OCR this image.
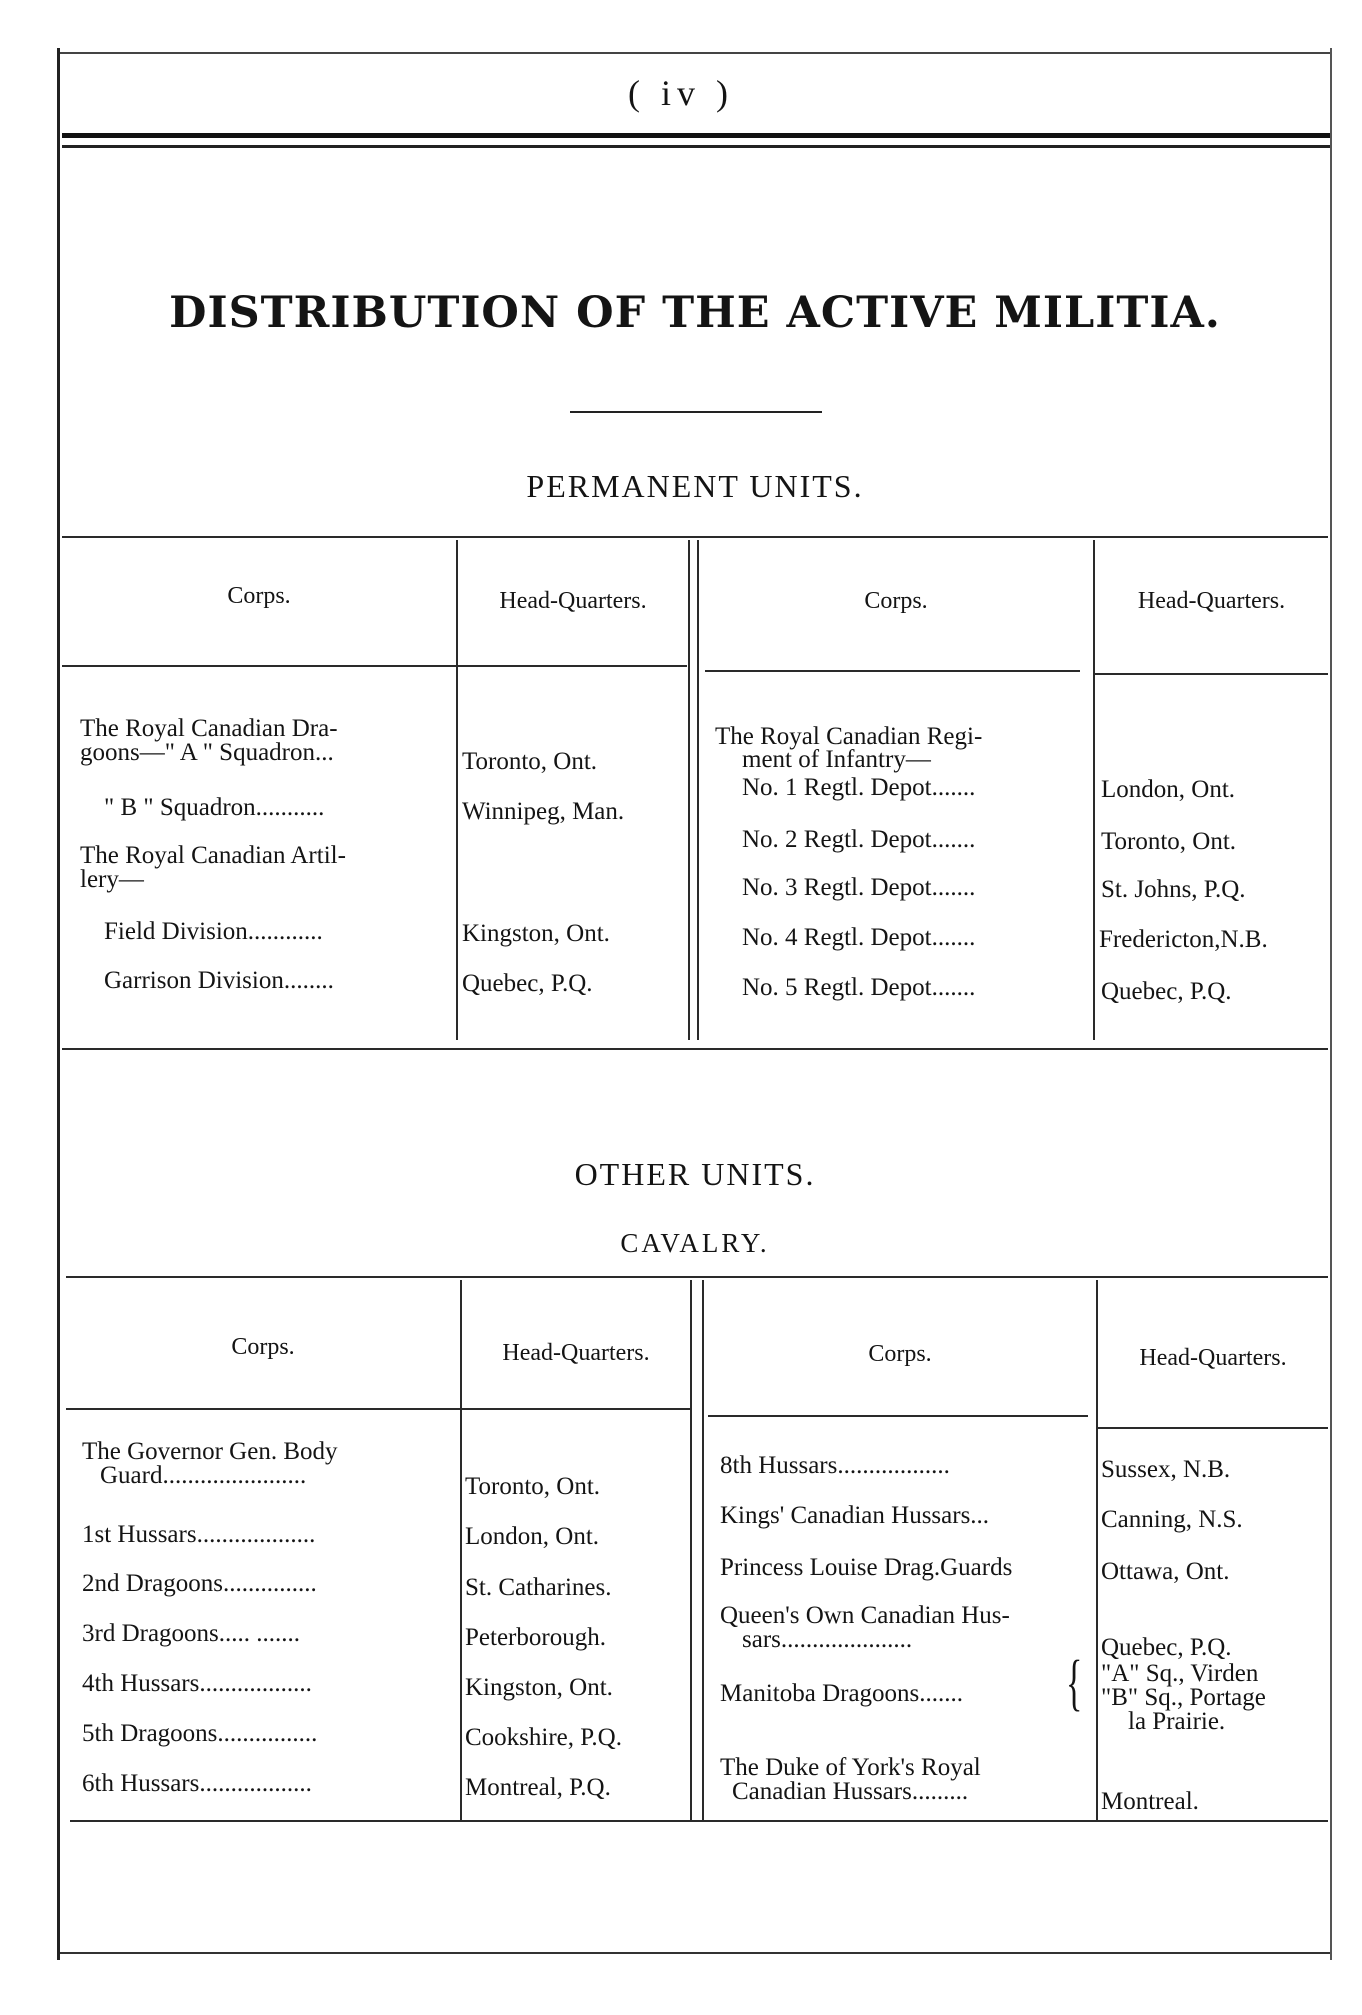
( iv )
DISTRIBUTION OF THE ACTIVE MILITIA.
PERMANENT UNITS.
Corps.	Head-Quarters.	Corps.	Head-Quarters.
The Royal Canadian Dra-
goons—" A " Squadron...	Toronto, Ont.
" B " Squadron...........	Winnipeg, Man.
The Royal Canadian Artil-
lery—
Field Division............	Kingston, Ont.
Garrison Division........	Quebec, P.Q.
The Royal Canadian Regi-
ment of Infantry—
No. 1 Regtl. Depot.......	London, Ont.
No. 2 Regtl. Depot.......	Toronto, Ont.
No. 3 Regtl. Depot.......	St. Johns, P.Q.
No. 4 Regtl. Depot.......	Fredericton,N.B.
No. 5 Regtl. Depot.......	Quebec, P.Q.
OTHER UNITS.
CAVALRY.
Corps.	Head-Quarters.	Corps.	Head-Quarters.
The Governor Gen. Body
Guard.......................	Toronto, Ont.
1st Hussars...................	London, Ont.
2nd Dragoons...............	St. Catharines.
3rd Dragoons..... .......	Peterborough.
4th Hussars..................	Kingston, Ont.
5th Dragoons................	Cookshire, P.Q.
6th Hussars..................	Montreal, P.Q.
8th Hussars..................	Sussex, N.B.
Kings' Canadian Hussars...	Canning, N.S.
Princess Louise Drag.Guards	Ottawa, Ont.
Queen's Own Canadian Hus-
sars.....................	Quebec, P.Q.
Manitoba Dragoons....... { "A" Sq., Virden
"B" Sq., Portage
la Prairie.
The Duke of York's Royal
Canadian Hussars.........	Montreal.
